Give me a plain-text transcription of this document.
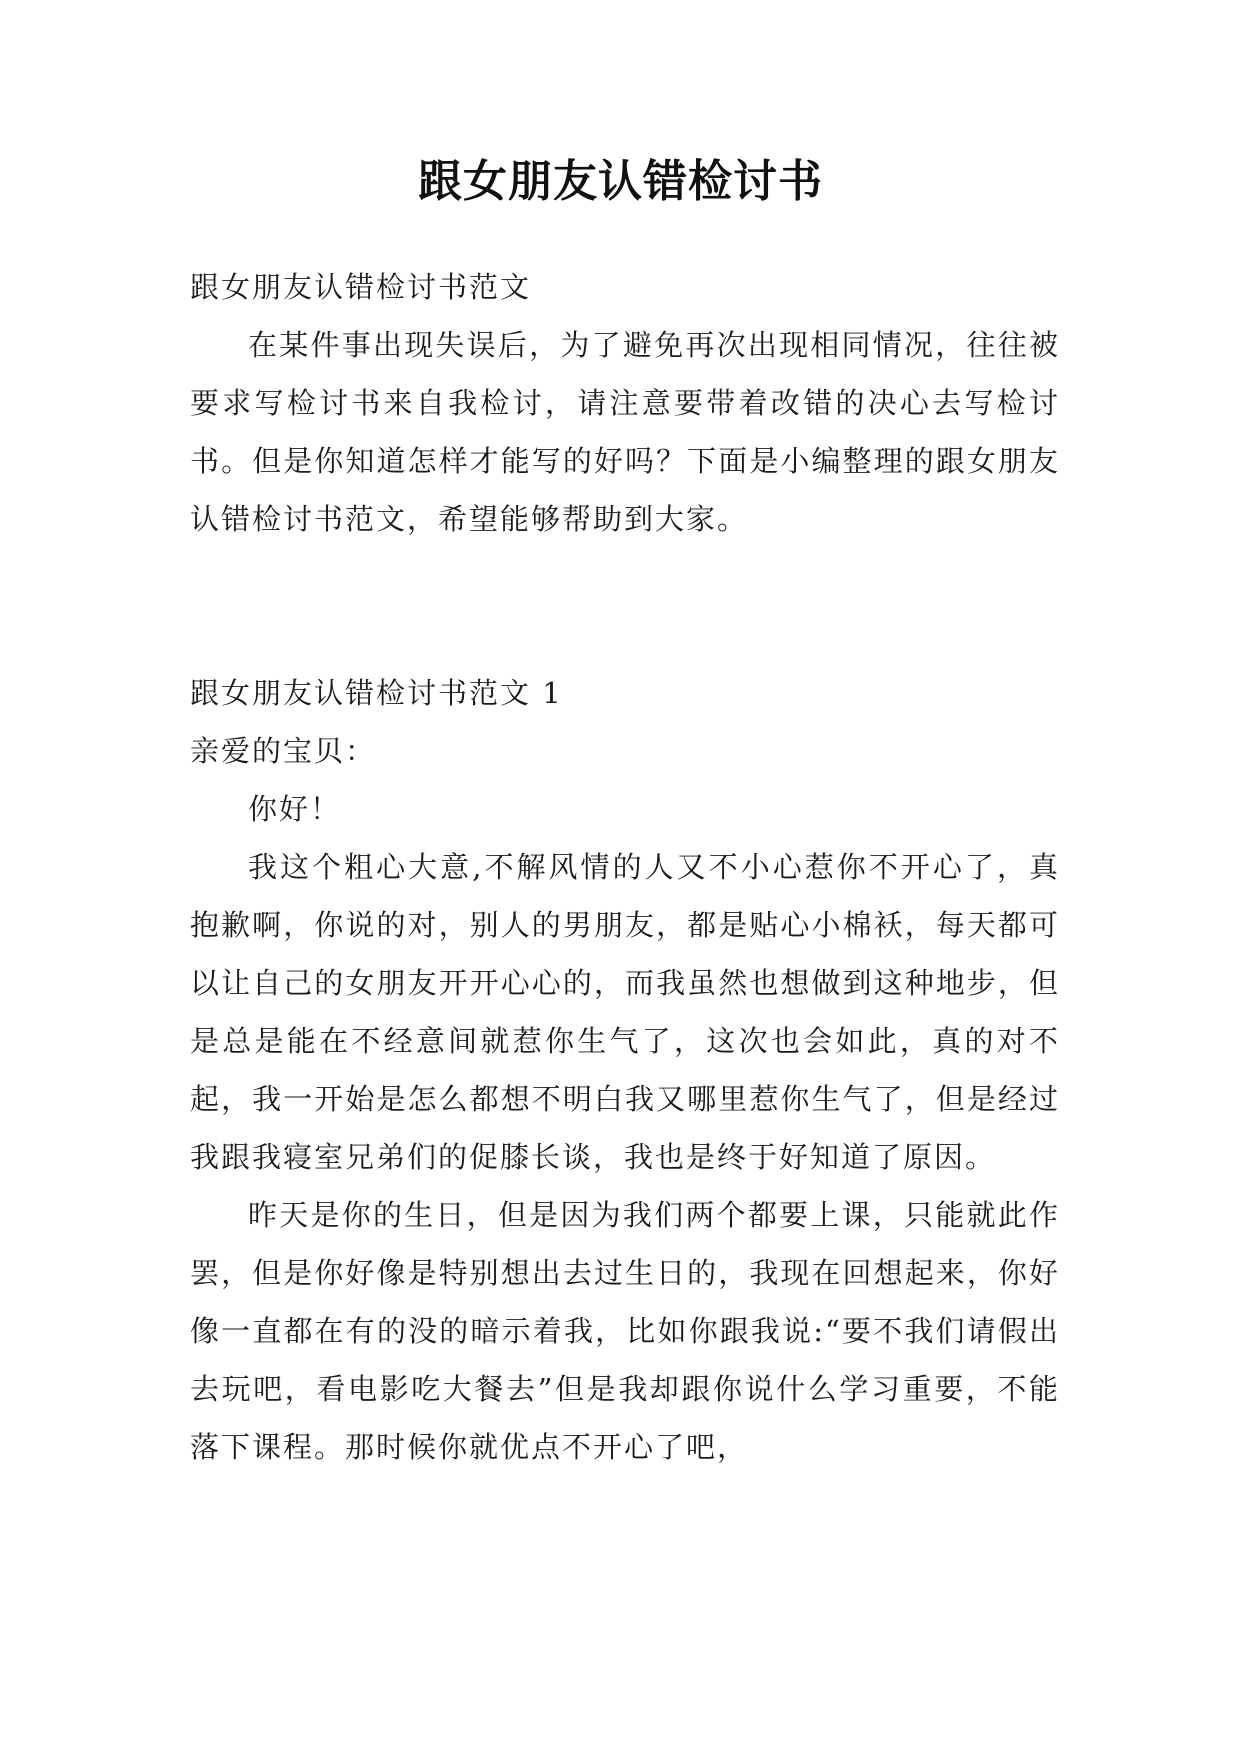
跟女朋友认错检讨书

跟女朋友认错检讨书范文

在某件事出现失误后，为了避免再次出现相同情况，往往被要求写检讨书来自我检讨，请注意要带着改错的决心去写检讨书。但是你知道怎样才能写的好吗？下面是小编整理的跟女朋友认错检讨书范文，希望能够帮助到大家。

跟女朋友认错检讨书范文 1

亲爱的宝贝：

你好！

我这个粗心大意,不解风情的人又不小心惹你不开心了，真抱歉啊，你说的对，别人的男朋友，都是贴心小棉袄，每天都可以让自己的女朋友开开心心的，而我虽然也想做到这种地步，但是总是能在不经意间就惹你生气了，这次也会如此，真的对不起，我一开始是怎么都想不明白我又哪里惹你生气了，但是经过我跟我寝室兄弟们的促膝长谈，我也是终于好知道了原因。

昨天是你的生日，但是因为我们两个都要上课，只能就此作罢，但是你好像是特别想出去过生日的，我现在回想起来，你好像一直都在有的没的暗示着我，比如你跟我说:“要不我们请假出去玩吧，看电影吃大餐去”但是我却跟你说什么学习重要，不能落下课程。那时候你就优点不开心了吧，
